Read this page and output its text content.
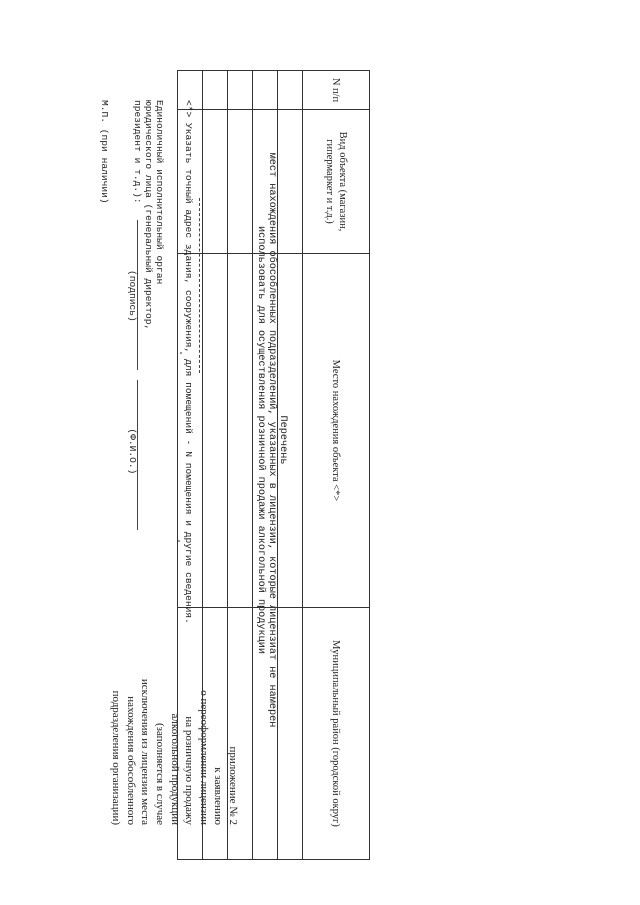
приложение № 2
к заявлению
о переоформлении лицензии
на розничную продажу
алкогольной продукции
(заполняется в случае
исключения из лицензии места
нахождения обособленного
подразделения организации)
Перечень
мест нахождения обособленных подразделений, указанных в лицензии, которые лицензиат не намерен
использовать для осуществления розничной продажи алкогольной продукции
N п/п	Вид объекта (магазин, гипермаркет и т.д.)	Место нахождения объекта <*>	Муниципальный район (городской округ)

<*> Указать точный адрес здания, сооружения, для помещений - N помещения и другие сведения.
Единоличный исполнительный орган
юридического лица (генеральный директор,
президент и т.д.):
(подпись)  (Ф.И.О.)
М.П. (при наличии)
